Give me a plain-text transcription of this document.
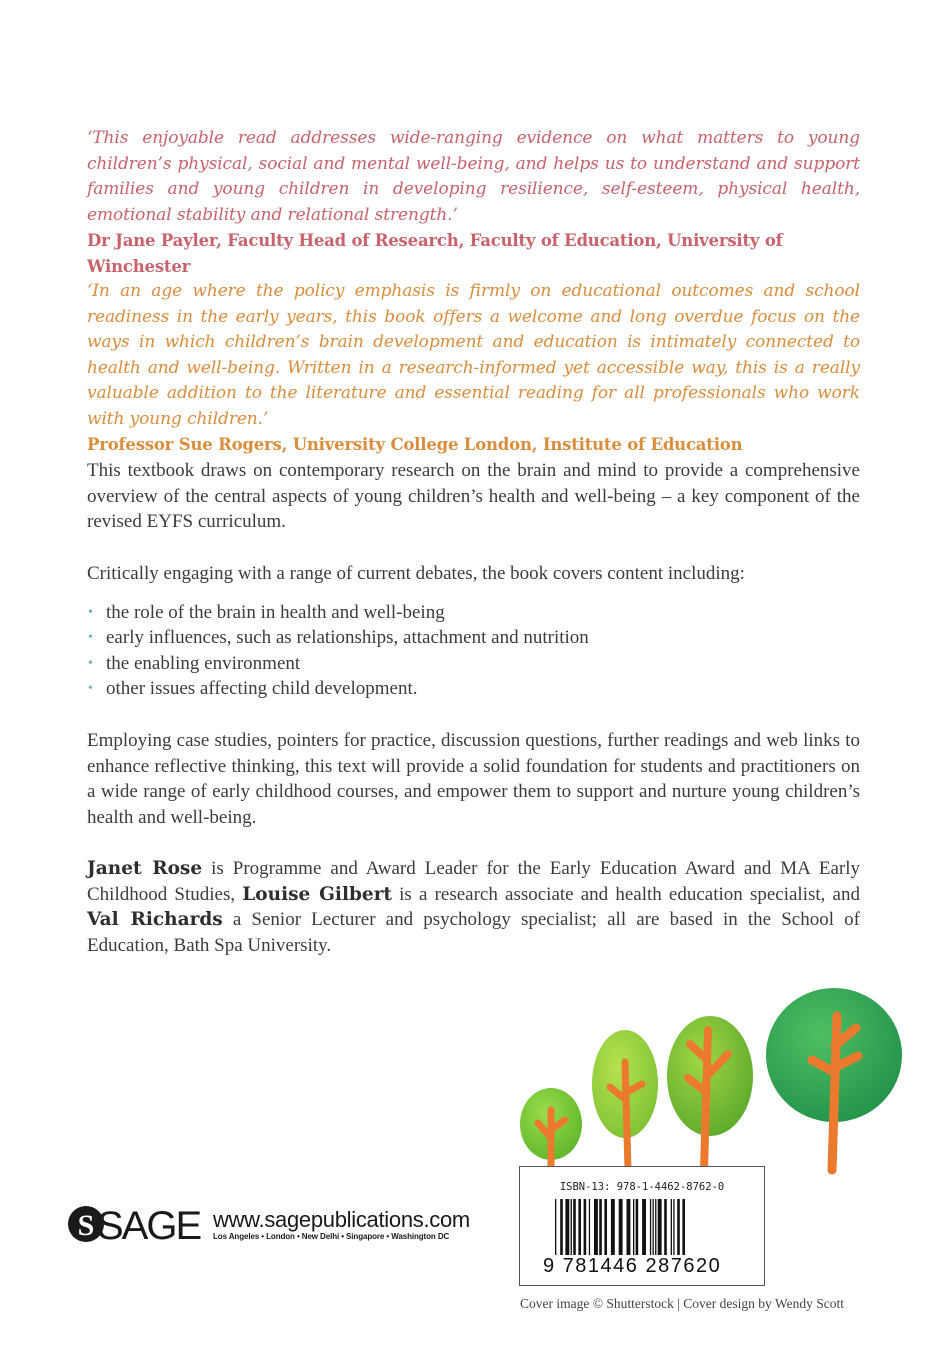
‘This enjoyable read addresses wide-ranging evidence on what matters to young children’s physical, social and mental well-being, and helps us to understand and support families and young children in developing resilience, self-esteem, physical health, emotional stability and relational strength.’

Dr Jane Payler, Faculty Head of Research, Faculty of Education, University of Winchester

‘In an age where the policy emphasis is firmly on educational outcomes and school readiness in the early years, this book offers a welcome and long overdue focus on the ways in which children’s brain development and education is intimately connected to health and well-being. Written in a research-informed yet accessible way, this is a really valuable addition to the literature and essential reading for all professionals who work with young children.’

Professor Sue Rogers, University College London, Institute of Education

This textbook draws on contemporary research on the brain and mind to provide a comprehensive overview of the central aspects of young children’s health and well-being – a key component of the revised EYFS curriculum.

Critically engaging with a range of current debates, the book covers content including:

• the role of the brain in health and well-being
• early influences, such as relationships, attachment and nutrition
• the enabling environment
• other issues affecting child development.

Employing case studies, pointers for practice, discussion questions, further readings and web links to enhance reflective thinking, this text will provide a solid foundation for students and practitioners on a wide range of early childhood courses, and empower them to support and nurture young children’s health and well-being.

Janet Rose is Programme and Award Leader for the Early Education Award and MA Early Childhood Studies, Louise Gilbert is a research associate and health education specialist, and Val Richards a Senior Lecturer and psychology specialist; all are based in the School of Education, Bath Spa University.

ISBN-13: 978-1-4462-8762-0
9 781446 287620
S SAGE www.sagepublications.com
Los Angeles • London • New Delhi • Singapore • Washington DC
Cover image © Shutterstock | Cover design by Wendy Scott
